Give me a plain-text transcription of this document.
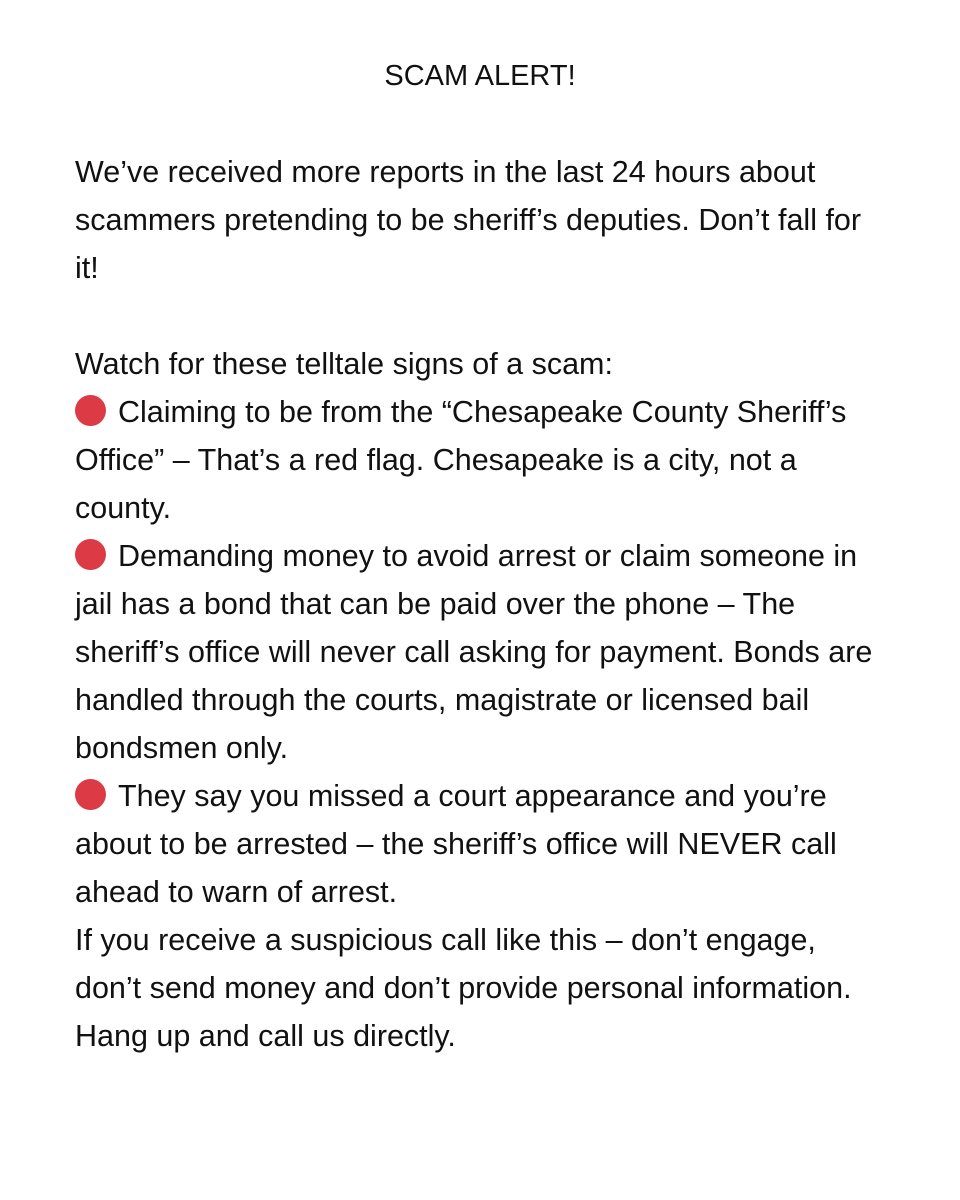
SCAM ALERT!

We’ve received more reports in the last 24 hours about scammers pretending to be sheriff’s deputies. Don’t fall for it!

Watch for these telltale signs of a scam:

Claiming to be from the “Chesapeake County Sheriff’s Office” – That’s a red flag. Chesapeake is a city, not a county.

Demanding money to avoid arrest or claim someone in jail has a bond that can be paid over the phone – The sheriff’s office will never call asking for payment. Bonds are handled through the courts, magistrate or licensed bail bondsmen only.

They say you missed a court appearance and you’re about to be arrested – the sheriff’s office will NEVER call ahead to warn of arrest.

If you receive a suspicious call like this – don’t engage, don’t send money and don’t provide personal information. Hang up and call us directly.
